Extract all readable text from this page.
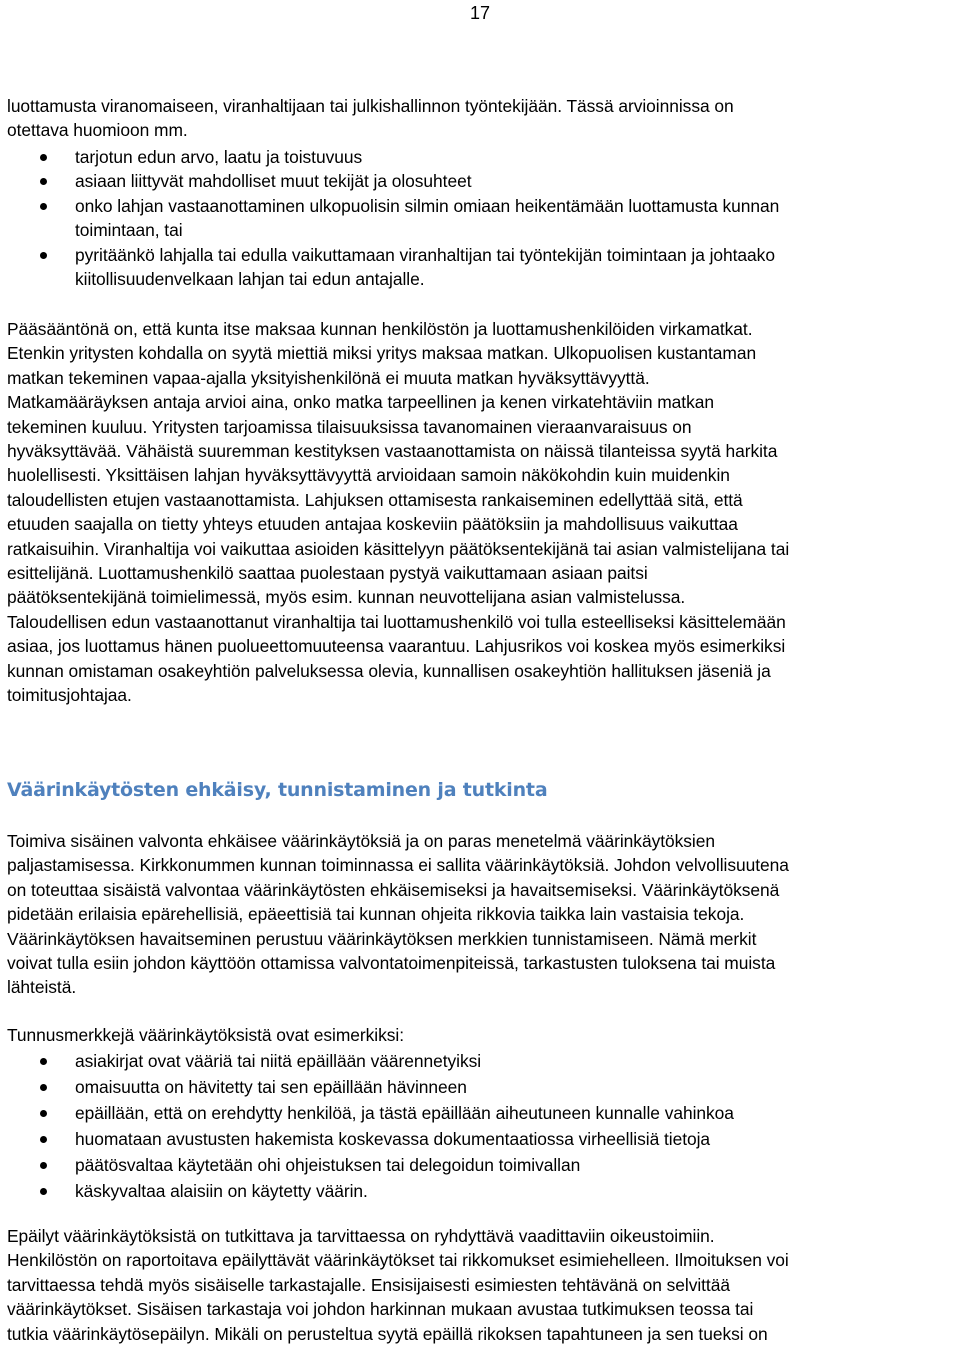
17
luottamusta viranomaiseen, viranhaltijaan tai julkishallinnon työntekijään. Tässä arvioinnissa on
otettava huomioon mm.
tarjotun edun arvo, laatu ja toistuvuus
asiaan liittyvät mahdolliset muut tekijät ja olosuhteet
onko lahjan vastaanottaminen ulkopuolisin silmin omiaan heikentämään luottamusta kunnan
toimintaan, tai
pyritäänkö lahjalla tai edulla vaikuttamaan viranhaltijan tai työntekijän toimintaan ja johtaako
kiitollisuudenvelkaan lahjan tai edun antajalle.
Pääsääntönä on, että kunta itse maksaa kunnan henkilöstön ja luottamushenkilöiden virkamatkat.
Etenkin yritysten kohdalla on syytä miettiä miksi yritys maksaa matkan. Ulkopuolisen kustantaman
matkan tekeminen vapaa-ajalla yksityishenkilönä ei muuta matkan hyväksyttävyyttä.
Matkamääräyksen antaja arvioi aina, onko matka tarpeellinen ja kenen virkatehtäviin matkan
tekeminen kuuluu. Yritysten tarjoamissa tilaisuuksissa tavanomainen vieraanvaraisuus on
hyväksyttävää. Vähäistä suuremman kestityksen vastaanottamista on näissä tilanteissa syytä harkita
huolellisesti. Yksittäisen lahjan hyväksyttävyyttä arvioidaan samoin näkökohdin kuin muidenkin
taloudellisten etujen vastaanottamista. Lahjuksen ottamisesta rankaiseminen edellyttää sitä, että
etuuden saajalla on tietty yhteys etuuden antajaa koskeviin päätöksiin ja mahdollisuus vaikuttaa
ratkaisuihin. Viranhaltija voi vaikuttaa asioiden käsittelyyn päätöksentekijänä tai asian valmistelijana tai
esittelijänä. Luottamushenkilö saattaa puolestaan pystyä vaikuttamaan asiaan paitsi
päätöksentekijänä toimielimessä, myös esim. kunnan neuvottelijana asian valmistelussa.
Taloudellisen edun vastaanottanut viranhaltija tai luottamushenkilö voi tulla esteelliseksi käsittelemään
asiaa, jos luottamus hänen puolueettomuuteensa vaarantuu. Lahjusrikos voi koskea myös esimerkiksi
kunnan omistaman osakeyhtiön palveluksessa olevia, kunnallisen osakeyhtiön hallituksen jäseniä ja
toimitusjohtajaa.
Väärinkäytösten ehkäisy, tunnistaminen ja tutkinta
Toimiva sisäinen valvonta ehkäisee väärinkäytöksiä ja on paras menetelmä väärinkäytöksien
paljastamisessa. Kirkkonummen kunnan toiminnassa ei sallita väärinkäytöksiä. Johdon velvollisuutena
on toteuttaa sisäistä valvontaa väärinkäytösten ehkäisemiseksi ja havaitsemiseksi. Väärinkäytöksenä
pidetään erilaisia epärehellisiä, epäeettisiä tai kunnan ohjeita rikkovia taikka lain vastaisia tekoja.
Väärinkäytöksen havaitseminen perustuu väärinkäytöksen merkkien tunnistamiseen. Nämä merkit
voivat tulla esiin johdon käyttöön ottamissa valvontatoimenpiteissä, tarkastusten tuloksena tai muista
lähteistä.
Tunnusmerkkejä väärinkäytöksistä ovat esimerkiksi:
asiakirjat ovat vääriä tai niitä epäillään väärennetyiksi
omaisuutta on hävitetty tai sen epäillään hävinneen
epäillään, että on erehdytty henkilöä, ja tästä epäillään aiheutuneen kunnalle vahinkoa
huomataan avustusten hakemista koskevassa dokumentaatiossa virheellisiä tietoja
päätösvaltaa käytetään ohi ohjeistuksen tai delegoidun toimivallan
käskyvaltaa alaisiin on käytetty väärin.
Epäilyt väärinkäytöksistä on tutkittava ja tarvittaessa on ryhdyttävä vaadittaviin oikeustoimiin.
Henkilöstön on raportoitava epäilyttävät väärinkäytökset tai rikkomukset esimiehelleen. Ilmoituksen voi
tarvittaessa tehdä myös sisäiselle tarkastajalle. Ensisijaisesti esimiesten tehtävänä on selvittää
väärinkäytökset. Sisäisen tarkastaja voi johdon harkinnan mukaan avustaa tutkimuksen teossa tai
tutkia väärinkäytösepäilyn. Mikäli on perusteltua syytä epäillä rikoksen tapahtuneen ja sen tueksi on
